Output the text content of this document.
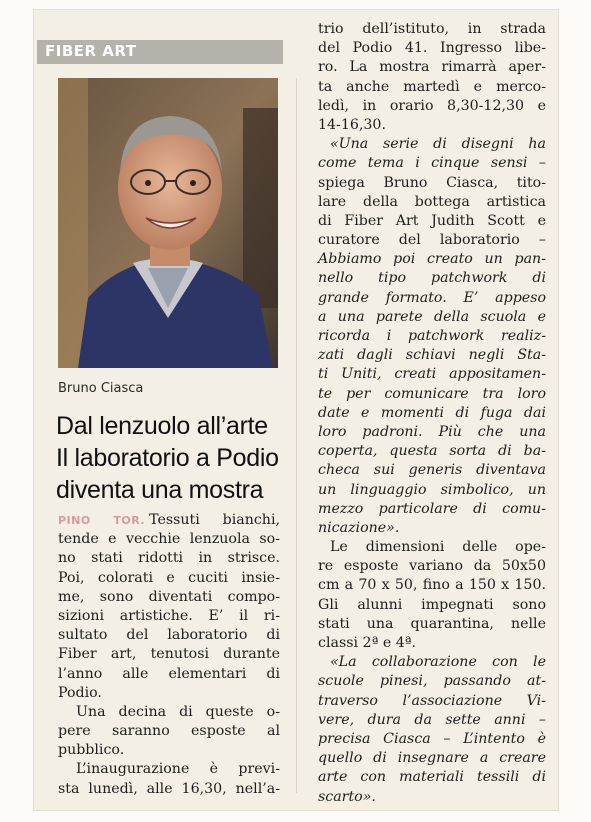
FIBER ART
Bruno Ciasca
Dal lenzuolo all’arte
Il laboratorio a Podio
diventa una mostra
PINO TOR. Tessuti bianchi,
tende e vecchie lenzuola so-
no stati ridotti in strisce.
Poi, colorati e cuciti insie-
me, sono diventati compo-
sizioni artistiche. E’ il ri-
sultato del laboratorio di
Fiber art, tenutosi durante
l’anno alle elementari di
Podio.
Una decina di queste o-
pere saranno esposte al
pubblico.
L’inaugurazione è previ-
sta lunedì, alle 16,30, nell’a-
trio dell’istituto, in strada
del Podio 41. Ingresso libe-
ro. La mostra rimarrà aper-
ta anche martedì e merco-
ledì, in orario 8,30-12,30 e
14-16,30.
«Una serie di disegni ha
come tema i cinque sensi –
spiega Bruno Ciasca, tito-
lare della bottega artistica
di Fiber Art Judith Scott e
curatore del laboratorio –
Abbiamo poi creato un pan-
nello tipo patchwork di
grande formato. E’ appeso
a una parete della scuola e
ricorda i patchwork realiz-
zati dagli schiavi negli Sta-
ti Uniti, creati appositamen-
te per comunicare tra loro
date e momenti di fuga dai
loro padroni. Più che una
coperta, questa sorta di ba-
checa sui generis diventava
un linguaggio simbolico, un
mezzo particolare di comu-
nicazione».
Le dimensioni delle ope-
re esposte variano da 50x50
cm a 70 x 50, fino a 150 x 150.
Gli alunni impegnati sono
stati una quarantina, nelle
classi 2ª e 4ª.
«La collaborazione con le
scuole pinesi, passando at-
traverso l’associazione Vi-
vere, dura da sette anni –
precisa Ciasca – L’intento è
quello di insegnare a creare
arte con materiali tessili di
scarto».
